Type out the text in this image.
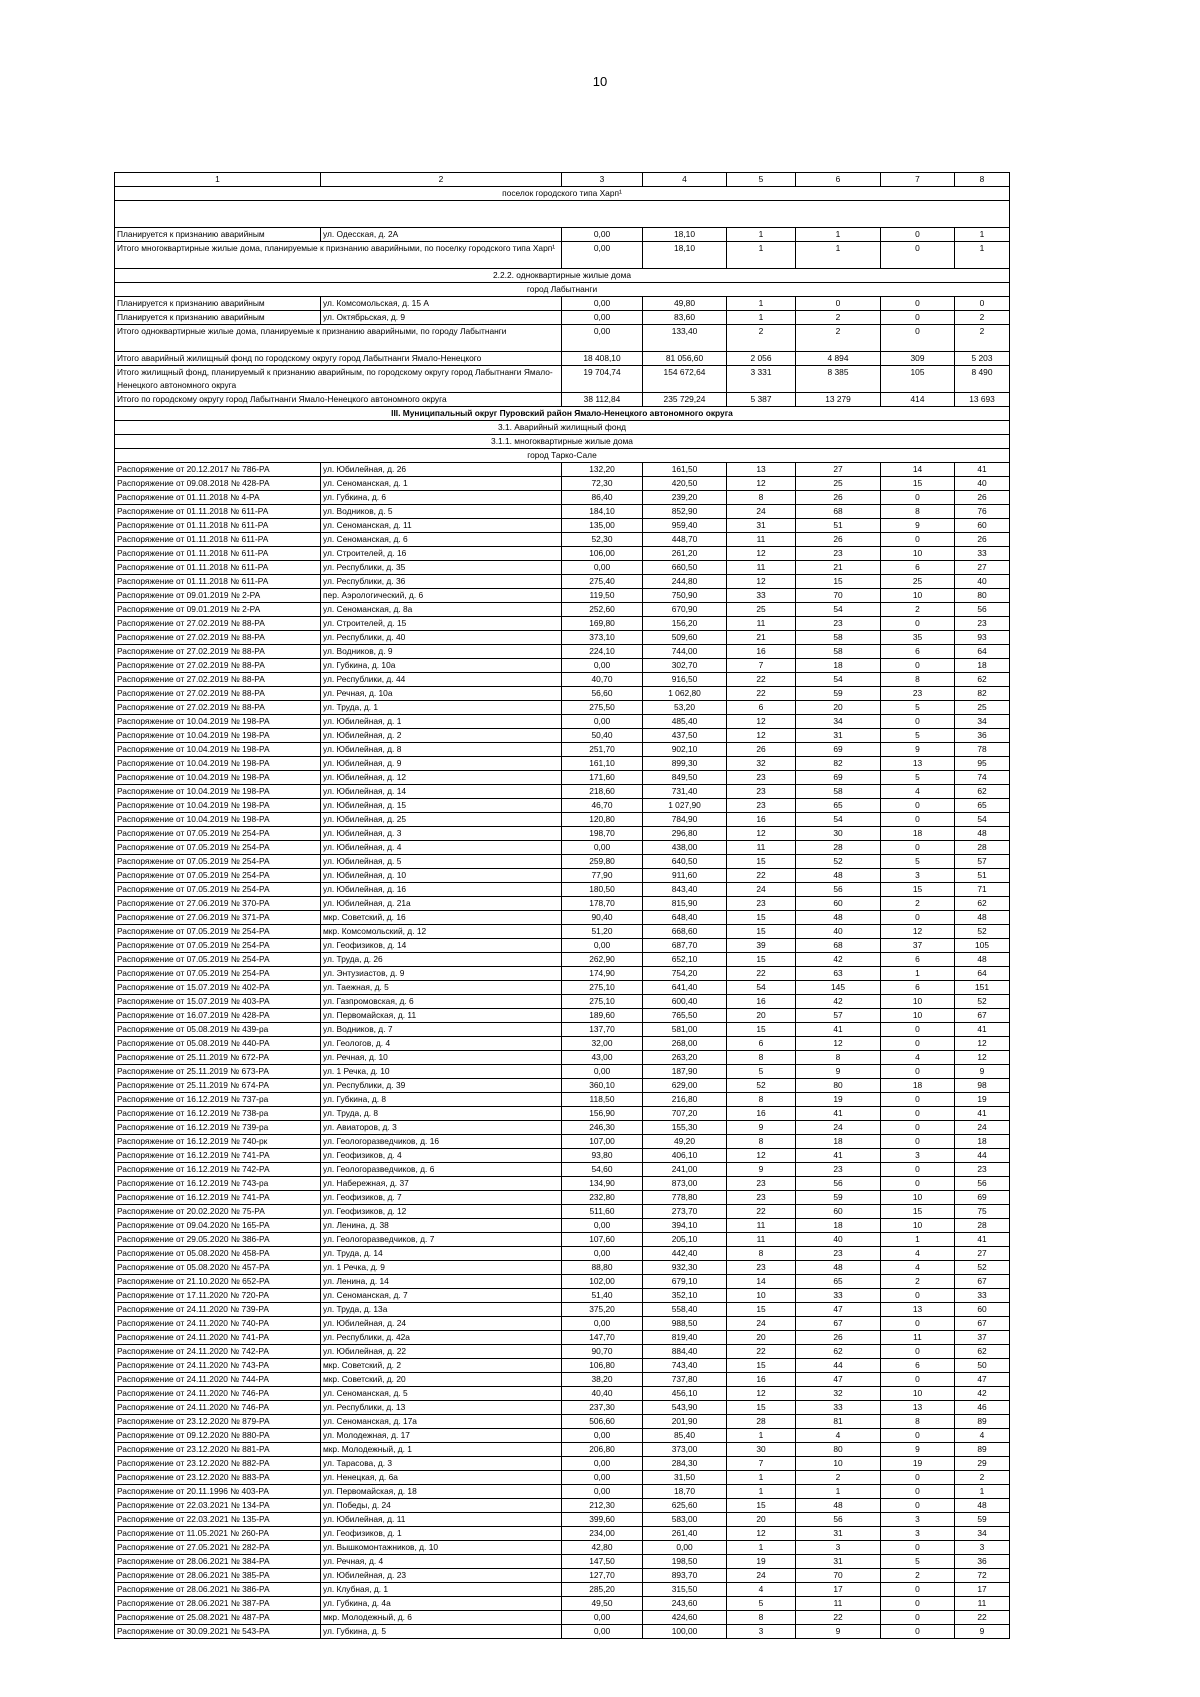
10
1	2	3	4	5	6	7	8
поселок городского типа Харп¹							

Планируется к признанию аварийным	ул. Одесская, д. 2А	0,00	18,10	1	1	0	1
Итого многоквартирные жилые дома, планируемые к признанию аварийными, по поселку городского типа Харп¹		0,00	18,10	1	1	0	1
2.2.2. одноквартирные жилые дома							
город Лабытнанги							
Планируется к признанию аварийным	ул. Комсомольская, д. 15 А	0,00	49,80	1	0	0	0
Планируется к признанию аварийным	ул. Октябрьская, д. 9	0,00	83,60	1	2	0	2
Итого одноквартирные жилые дома, планируемые к признанию аварийными, по городу Лабытнанги		0,00	133,40	2	2	0	2
Итого аварийный жилищный фонд по городскому округу город Лабытнанги Ямало-Ненецкого		18 408,10	81 056,60	2 056	4 894	309	5 203
Итого жилищный фонд, планируемый к признанию аварийным, по городскому округу город Лабытнанги Ямало-Ненецкого автономного округа		19 704,74	154 672,64	3 331	8 385	105	8 490
Итого по городскому округу город Лабытнанги Ямало-Ненецкого автономного округа		38 112,84	235 729,24	5 387	13 279	414	13 693
III. Муниципальный округ Пуровский район Ямало-Ненецкого автономного округа							
3.1. Аварийный жилищный фонд							
3.1.1. многоквартирные жилые дома							
город Тарко-Сале							
Распоряжение от 20.12.2017 № 786-РА	ул. Юбилейная, д. 26	132,20	161,50	13	27	14	41
Распоряжение от 09.08.2018 № 428-РА	ул. Сеноманская, д. 1	72,30	420,50	12	25	15	40
Распоряжение от 01.11.2018 № 4-РА	ул. Губкина, д. 6	86,40	239,20	8	26	0	26
Распоряжение от 01.11.2018 № 611-РА	ул. Водников, д. 5	184,10	852,90	24	68	8	76
Распоряжение от 01.11.2018 № 611-РА	ул. Сеноманская, д. 11	135,00	959,40	31	51	9	60
Распоряжение от 01.11.2018 № 611-РА	ул. Сеноманская, д. 6	52,30	448,70	11	26	0	26
Распоряжение от 01.11.2018 № 611-РА	ул. Строителей, д. 16	106,00	261,20	12	23	10	33
Распоряжение от 01.11.2018 № 611-РА	ул. Республики, д. 35	0,00	660,50	11	21	6	27
Распоряжение от 01.11.2018 № 611-РА	ул. Республики, д. 36	275,40	244,80	12	15	25	40
Распоряжение от 09.01.2019 № 2-РА	пер. Аэрологический, д. 6	119,50	750,90	33	70	10	80
Распоряжение от 09.01.2019 № 2-РА	ул. Сеноманская, д. 8а	252,60	670,90	25	54	2	56
Распоряжение от 27.02.2019 № 88-РА	ул. Строителей, д. 15	169,80	156,20	11	23	0	23
Распоряжение от 27.02.2019 № 88-РА	ул. Республики, д. 40	373,10	509,60	21	58	35	93
Распоряжение от 27.02.2019 № 88-РА	ул. Водников, д. 9	224,10	744,00	16	58	6	64
Распоряжение от 27.02.2019 № 88-РА	ул. Губкина, д. 10а	0,00	302,70	7	18	0	18
Распоряжение от 27.02.2019 № 88-РА	ул. Республики, д. 44	40,70	916,50	22	54	8	62
Распоряжение от 27.02.2019 № 88-РА	ул. Речная, д. 10а	56,60	1 062,80	22	59	23	82
Распоряжение от 27.02.2019 № 88-РА	ул. Труда, д. 1	275,50	53,20	6	20	5	25
Распоряжение от 10.04.2019 № 198-РА	ул. Юбилейная, д. 1	0,00	485,40	12	34	0	34
Распоряжение от 10.04.2019 № 198-РА	ул. Юбилейная, д. 2	50,40	437,50	12	31	5	36
Распоряжение от 10.04.2019 № 198-РА	ул. Юбилейная, д. 8	251,70	902,10	26	69	9	78
Распоряжение от 10.04.2019 № 198-РА	ул. Юбилейная, д. 9	161,10	899,30	32	82	13	95
Распоряжение от 10.04.2019 № 198-РА	ул. Юбилейная, д. 12	171,60	849,50	23	69	5	74
Распоряжение от 10.04.2019 № 198-РА	ул. Юбилейная, д. 14	218,60	731,40	23	58	4	62
Распоряжение от 10.04.2019 № 198-РА	ул. Юбилейная, д. 15	46,70	1 027,90	23	65	0	65
Распоряжение от 10.04.2019 № 198-РА	ул. Юбилейная, д. 25	120,80	784,90	16	54	0	54
Распоряжение от 07.05.2019 № 254-РА	ул. Юбилейная, д. 3	198,70	296,80	12	30	18	48
Распоряжение от 07.05.2019 № 254-РА	ул. Юбилейная, д. 4	0,00	438,00	11	28	0	28
Распоряжение от 07.05.2019 № 254-РА	ул. Юбилейная, д. 5	259,80	640,50	15	52	5	57
Распоряжение от 07.05.2019 № 254-РА	ул. Юбилейная, д. 10	77,90	911,60	22	48	3	51
Распоряжение от 07.05.2019 № 254-РА	ул. Юбилейная, д. 16	180,50	843,40	24	56	15	71
Распоряжение от 27.06.2019 № 370-РА	ул. Юбилейная, д. 21а	178,70	815,90	23	60	2	62
Распоряжение от 27.06.2019 № 371-РА	мкр. Советский, д. 16	90,40	648,40	15	48	0	48
Распоряжение от 07.05.2019 № 254-РА	мкр. Комсомольский, д. 12	51,20	668,60	15	40	12	52
Распоряжение от 07.05.2019 № 254-РА	ул. Геофизиков, д. 14	0,00	687,70	39	68	37	105
Распоряжение от 07.05.2019 № 254-РА	ул. Труда, д. 26	262,90	652,10	15	42	6	48
Распоряжение от 07.05.2019 № 254-РА	ул. Энтузиастов, д. 9	174,90	754,20	22	63	1	64
Распоряжение от 15.07.2019 № 402-РА	ул. Таежная, д. 5	275,10	641,40	54	145	6	151
Распоряжение от 15.07.2019 № 403-РА	ул. Газпромовская, д. 6	275,10	600,40	16	42	10	52
Распоряжение от 16.07.2019 № 428-РА	ул. Первомайская, д. 11	189,60	765,50	20	57	10	67
Распоряжение от 05.08.2019 № 439-ра	ул. Водников, д. 7	137,70	581,00	15	41	0	41
Распоряжение от 05.08.2019 № 440-РА	ул. Геологов, д. 4	32,00	268,00	6	12	0	12
Распоряжение от 25.11.2019 № 672-РА	ул. Речная, д. 10	43,00	263,20	8	8	4	12
Распоряжение от 25.11.2019 № 673-РА	ул. 1 Речка, д. 10	0,00	187,90	5	9	0	9
Распоряжение от 25.11.2019 № 674-РА	ул. Республики, д. 39	360,10	629,00	52	80	18	98
Распоряжение от 16.12.2019 № 737-ра	ул. Губкина, д. 8	118,50	216,80	8	19	0	19
Распоряжение от 16.12.2019 № 738-ра	ул. Труда, д. 8	156,90	707,20	16	41	0	41
Распоряжение от 16.12.2019 № 739-ра	ул. Авиаторов, д. 3	246,30	155,30	9	24	0	24
Распоряжение от 16.12.2019 № 740-рк	ул. Геологоразведчиков, д. 16	107,00	49,20	8	18	0	18
Распоряжение от 16.12.2019 № 741-РА	ул. Геофизиков, д. 4	93,80	406,10	12	41	3	44
Распоряжение от 16.12.2019 № 742-РА	ул. Геологоразведчиков, д. 6	54,60	241,00	9	23	0	23
Распоряжение от 16.12.2019 № 743-ра	ул. Набережная, д. 37	134,90	873,00	23	56	0	56
Распоряжение от 16.12.2019 № 741-РА	ул. Геофизиков, д. 7	232,80	778,80	23	59	10	69
Распоряжение от 20.02.2020 № 75-РА	ул. Геофизиков, д. 12	511,60	273,70	22	60	15	75
Распоряжение от 09.04.2020 № 165-РА	ул. Ленина, д. 38	0,00	394,10	11	18	10	28
Распоряжение от 29.05.2020 № 386-РА	ул. Геологоразведчиков, д. 7	107,60	205,10	11	40	1	41
Распоряжение от 05.08.2020 № 458-РА	ул. Труда, д. 14	0,00	442,40	8	23	4	27
Распоряжение от 05.08.2020 № 457-РА	ул. 1 Речка, д. 9	88,80	932,30	23	48	4	52
Распоряжение от 21.10.2020 № 652-РА	ул. Ленина, д. 14	102,00	679,10	14	65	2	67
Распоряжение от 17.11.2020 № 720-РА	ул. Сеноманская, д. 7	51,40	352,10	10	33	0	33
Распоряжение от 24.11.2020 № 739-РА	ул. Труда, д. 13а	375,20	558,40	15	47	13	60
Распоряжение от 24.11.2020 № 740-РА	ул. Юбилейная, д. 24	0,00	988,50	24	67	0	67
Распоряжение от 24.11.2020 № 741-РА	ул. Республики, д. 42а	147,70	819,40	20	26	11	37
Распоряжение от 24.11.2020 № 742-РА	ул. Юбилейная, д. 22	90,70	884,40	22	62	0	62
Распоряжение от 24.11.2020 № 743-РА	мкр. Советский, д. 2	106,80	743,40	15	44	6	50
Распоряжение от 24.11.2020 № 744-РА	мкр. Советский, д. 20	38,20	737,80	16	47	0	47
Распоряжение от 24.11.2020 № 746-РА	ул. Сеноманская, д. 5	40,40	456,10	12	32	10	42
Распоряжение от 24.11.2020 № 746-РА	ул. Республики, д. 13	237,30	543,90	15	33	13	46
Распоряжение от 23.12.2020 № 879-РА	ул. Сеноманская, д. 17а	506,60	201,90	28	81	8	89
Распоряжение от 09.12.2020 № 880-РА	ул. Молодежная, д. 17	0,00	85,40	1	4	0	4
Распоряжение от 23.12.2020 № 881-РА	мкр. Молодежный, д. 1	206,80	373,00	30	80	9	89
Распоряжение от 23.12.2020 № 882-РА	ул. Тарасова, д. 3	0,00	284,30	7	10	19	29
Распоряжение от 23.12.2020 № 883-РА	ул. Ненецкая, д. 6а	0,00	31,50	1	2	0	2
Распоряжение от 20.11.1996 № 403-РА	ул. Первомайская, д. 18	0,00	18,70	1	1	0	1
Распоряжение от 22.03.2021 № 134-РА	ул. Победы, д. 24	212,30	625,60	15	48	0	48
Распоряжение от 22.03.2021 № 135-РА	ул. Юбилейная, д. 11	399,60	583,00	20	56	3	59
Распоряжение от 11.05.2021 № 260-РА	ул. Геофизиков, д. 1	234,00	261,40	12	31	3	34
Распоряжение от 27.05.2021 № 282-РА	ул. Вышкомонтажников, д. 10	42,80	0,00	1	3	0	3
Распоряжение от 28.06.2021 № 384-РА	ул. Речная, д. 4	147,50	198,50	19	31	5	36
Распоряжение от 28.06.2021 № 385-РА	ул. Юбилейная, д. 23	127,70	893,70	24	70	2	72
Распоряжение от 28.06.2021 № 386-РА	ул. Клубная, д. 1	285,20	315,50	4	17	0	17
Распоряжение от 28.06.2021 № 387-РА	ул. Губкина, д. 4а	49,50	243,60	5	11	0	11
Распоряжение от 25.08.2021 № 487-РА	мкр. Молодежный, д. 6	0,00	424,60	8	22	0	22
Распоряжение от 30.09.2021 № 543-РА	ул. Губкина, д. 5	0,00	100,00	3	9	0	9
